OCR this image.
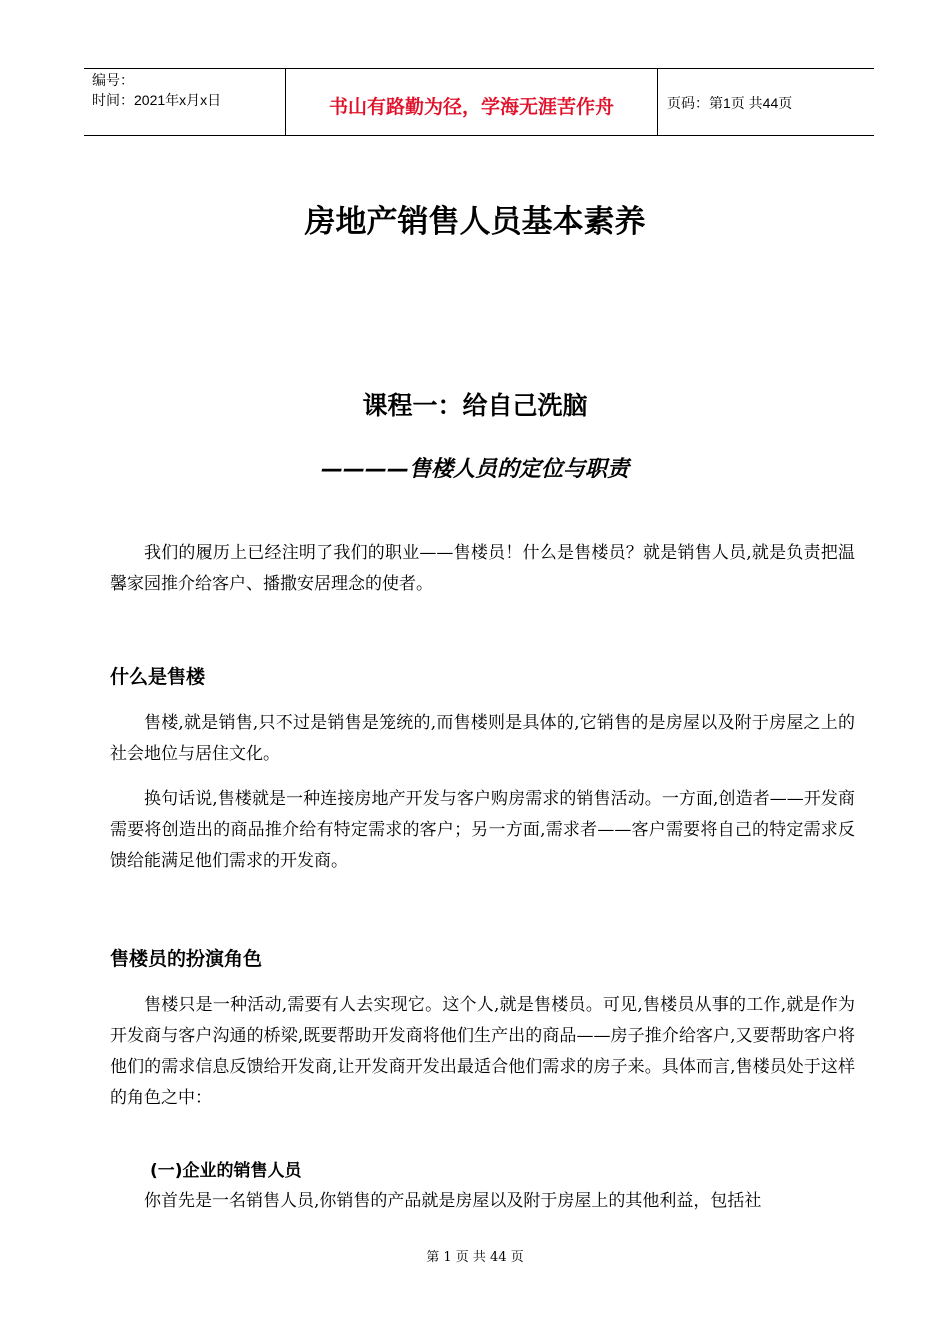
编号：
时间：2021年x月x日	书山有路勤为径，学海无涯苦作舟	页码：第1页 共44页
房地产销售人员基本素养
课程一：给自己洗脑
————售楼人员的定位与职责

我们的履历上已经注明了我们的职业——售楼员！什么是售楼员？就是销售人员,就是负责把温馨家园推介给客户、播撒安居理念的使者。

什么是售楼

售楼,就是销售,只不过是销售是笼统的,而售楼则是具体的,它销售的是房屋以及附于房屋之上的社会地位与居住文化。

换句话说,售楼就是一种连接房地产开发与客户购房需求的销售活动。一方面,创造者——开发商需要将创造出的商品推介给有特定需求的客户；另一方面,需求者——客户需要将自己的特定需求反馈给能满足他们需求的开发商。

售楼员的扮演角色

售楼只是一种活动,需要有人去实现它。这个人,就是售楼员。可见,售楼员从事的工作,就是作为开发商与客户沟通的桥梁,既要帮助开发商将他们生产出的商品——房子推介给客户,又要帮助客户将他们的需求信息反馈给开发商,让开发商开发出最适合他们需求的房子来。具体而言,售楼员处于这样的角色之中：

(一)企业的销售人员

你首先是一名销售人员,你销售的产品就是房屋以及附于房屋上的其他利益，包括社

第 1 页 共 44 页
